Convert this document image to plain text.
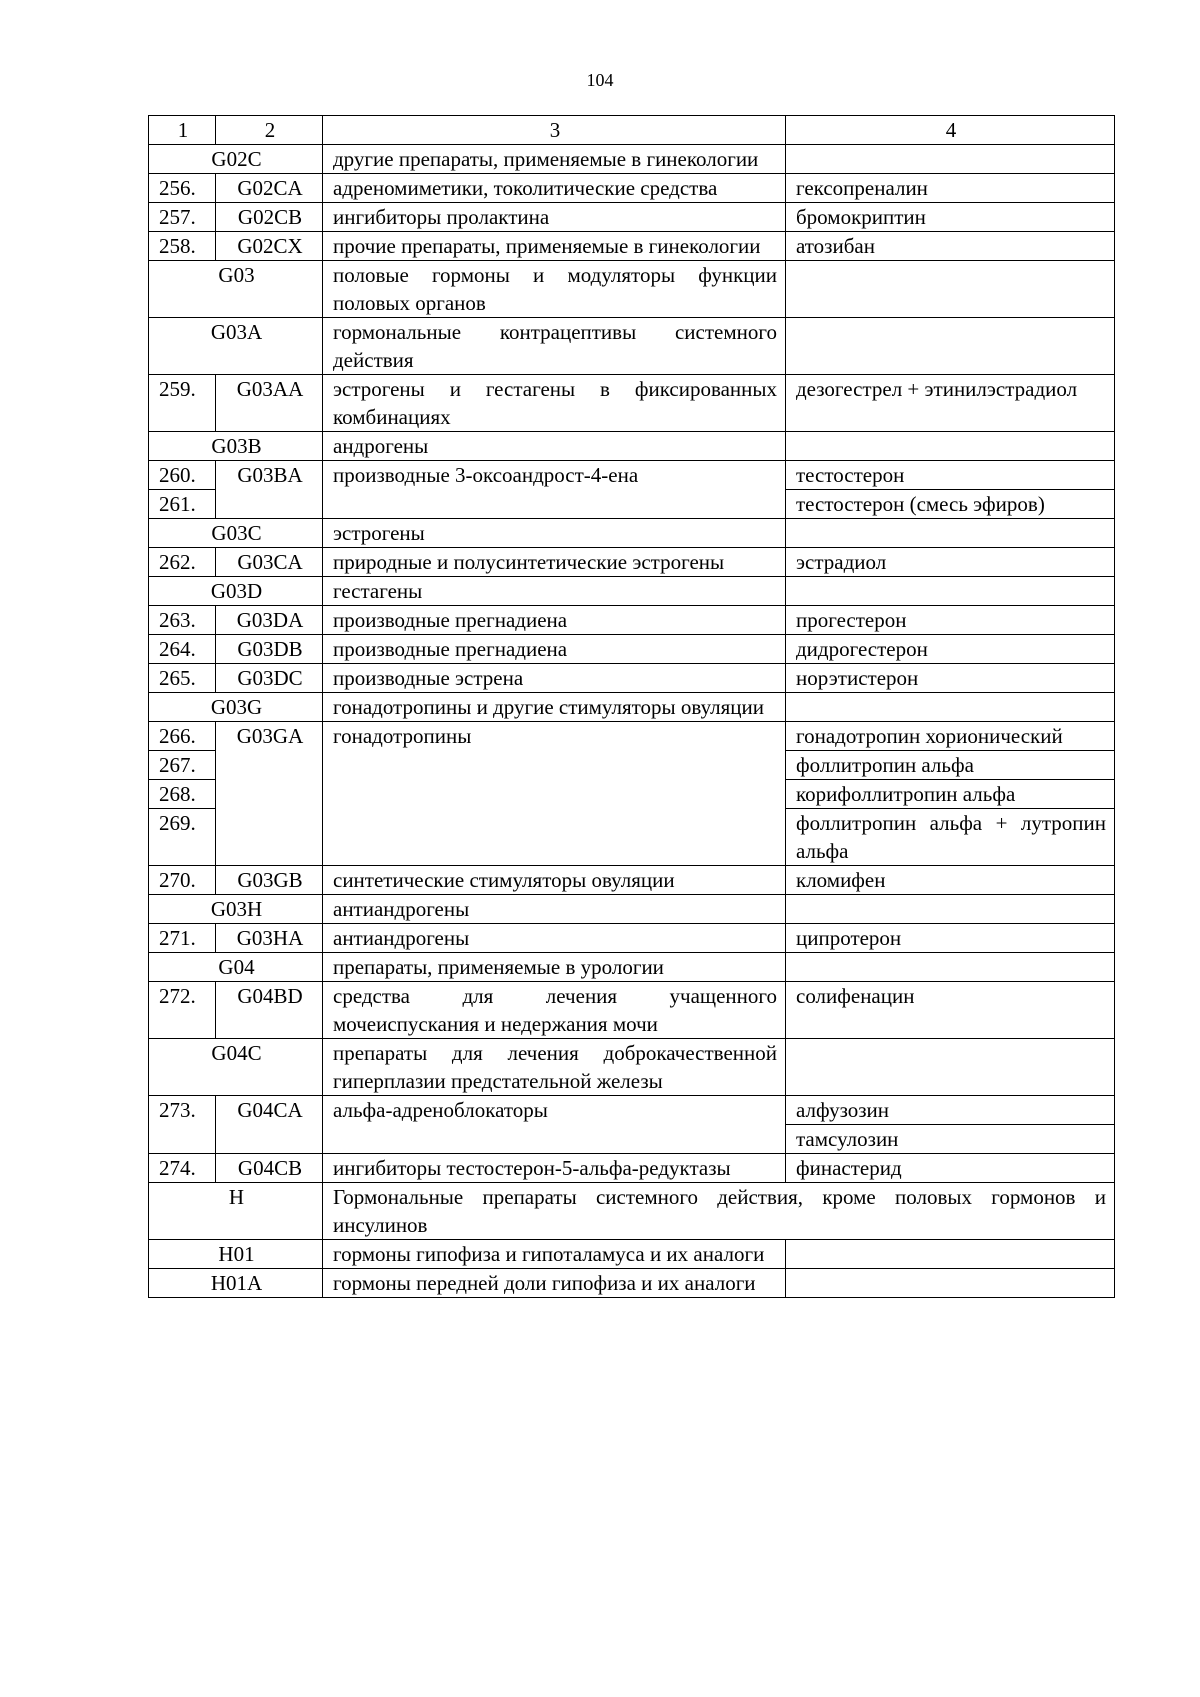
104
1	2	3	4
G02C		другие препараты, применяемые в гинекологии	
256.	G02CA	адреномиметики, токолитические средства	гексопреналин
257.	G02CB	ингибиторы пролактина	бромокриптин
258.	G02CX	прочие препараты, применяемые в гинекологии	атозибан
G03		половые гормоны и модуляторы функции половых органов	
G03A		гормональные контрацептивы системного действия	
259.	G03AA	эстрогены и гестагены в фиксированных комбинациях	дезогестрел + этинилэстрадиол
G03B		андрогены	
260.	G03BA	производные 3-оксоандрост-4-ена	тестостерон
261.			тестостерон (смесь эфиров)
G03C		эстрогены	
262.	G03CA	природные и полусинтетические эстрогены	эстрадиол
G03D		гестагены	
263.	G03DA	производные прегнадиена	прогестерон
264.	G03DB	производные прегнадиена	дидрогестерон
265.	G03DC	производные эстрена	норэтистерон
G03G		гонадотропины и другие стимуляторы овуляции	
266.	G03GA	гонадотропины	гонадотропин хорионический
267.			фоллитропин альфа
268.			корифоллитропин альфа
269.			фоллитропин альфа + лутропин альфа
270.	G03GB	синтетические стимуляторы овуляции	кломифен
G03H		антиандрогены	
271.	G03HA	антиандрогены	ципротерон
G04		препараты, применяемые в урологии	
272.	G04BD	средства для лечения учащенного мочеиспускания и недержания мочи	солифенацин
G04C		препараты для лечения доброкачественной гиперплазии предстательной железы	
273.	G04CA	альфа-адреноблокаторы	алфузозин
			тамсулозин
274.	G04CB	ингибиторы тестостерон-5-альфа-редуктазы	финастерид
H		Гормональные препараты системного действия, кроме половых гормонов и инсулинов	
H01		гормоны гипофиза и гипоталамуса и их аналоги	
H01A		гормоны передней доли гипофиза и их аналоги	
